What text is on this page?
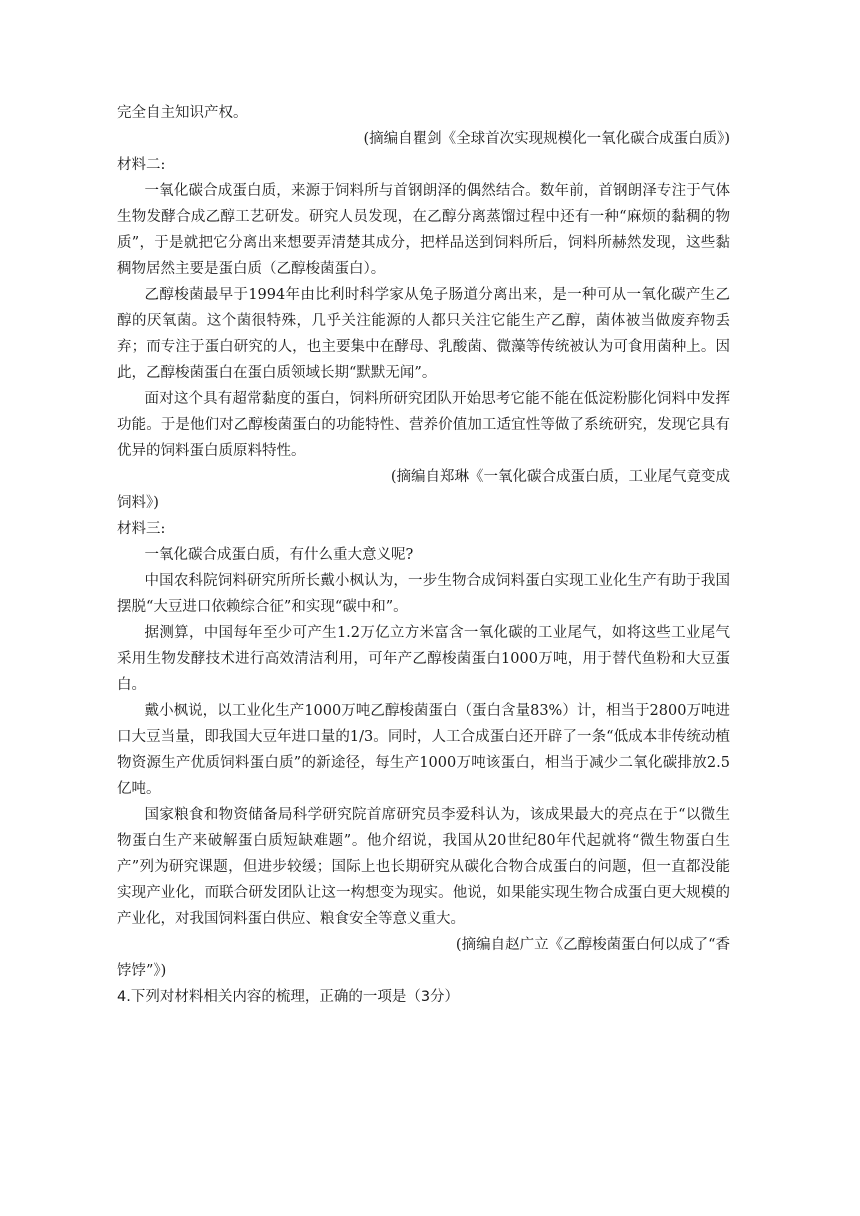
完全自主知识产权。

(摘编自瞿剑《全球首次实现规模化一氧化碳合成蛋白质》)

材料二:

一氧化碳合成蛋白质，来源于饲料所与首钢朗泽的偶然结合。数年前，首钢朗泽专注于气体生物发酵合成乙醇工艺研发。研究人员发现，在乙醇分离蒸馏过程中还有一种“麻烦的黏稠的物质”，于是就把它分离出来想要弄清楚其成分，把样品送到饲料所后，饲料所赫然发现，这些黏稠物居然主要是蛋白质（乙醇梭菌蛋白）。

乙醇梭菌最早于1994年由比利时科学家从兔子肠道分离出来，是一种可从一氧化碳产生乙醇的厌氧菌。这个菌很特殊，几乎关注能源的人都只关注它能生产乙醇，菌体被当做废弃物丢弃；而专注于蛋白研究的人，也主要集中在酵母、乳酸菌、微藻等传统被认为可食用菌种上。因此，乙醇梭菌蛋白在蛋白质领域长期“默默无闻”。

面对这个具有超常黏度的蛋白，饲料所研究团队开始思考它能不能在低淀粉膨化饲料中发挥功能。于是他们对乙醇梭菌蛋白的功能特性、营养价值加工适宜性等做了系统研究，发现它具有优异的饲料蛋白质原料特性。

(摘编自郑琳《一氧化碳合成蛋白质，工业尾气竟变成
饲料》)

材料三:

一氧化碳合成蛋白质，有什么重大意义呢?

中国农科院饲料研究所所长戴小枫认为，一步生物合成饲料蛋白实现工业化生产有助于我国摆脱“大豆进口依赖综合征”和实现“碳中和”。

据测算，中国每年至少可产生1.2万亿立方米富含一氧化碳的工业尾气，如将这些工业尾气采用生物发酵技术进行高效清洁利用，可年产乙醇梭菌蛋白1000万吨，用于替代鱼粉和大豆蛋白。

戴小枫说，以工业化生产1000万吨乙醇梭菌蛋白（蛋白含量83%）计，相当于2800万吨进口大豆当量，即我国大豆年进口量的1/3。同时，人工合成蛋白还开辟了一条“低成本非传统动植物资源生产优质饲料蛋白质”的新途径，每生产1000万吨该蛋白，相当于减少二氧化碳排放2.5亿吨。

国家粮食和物资储备局科学研究院首席研究员李爱科认为，该成果最大的亮点在于“以微生物蛋白生产来破解蛋白质短缺难题”。他介绍说，我国从20世纪80年代起就将“微生物蛋白生产”列为研究课题，但进步较缓；国际上也长期研究从碳化合物合成蛋白的问题，但一直都没能实现产业化，而联合研发团队让这一构想变为现实。他说，如果能实现生物合成蛋白更大规模的产业化，对我国饲料蛋白供应、粮食安全等意义重大。

(摘编自赵广立《乙醇梭菌蛋白何以成了“香
饽饽”》)

4.下列对材料相关内容的梳理，正确的一项是（3分）
